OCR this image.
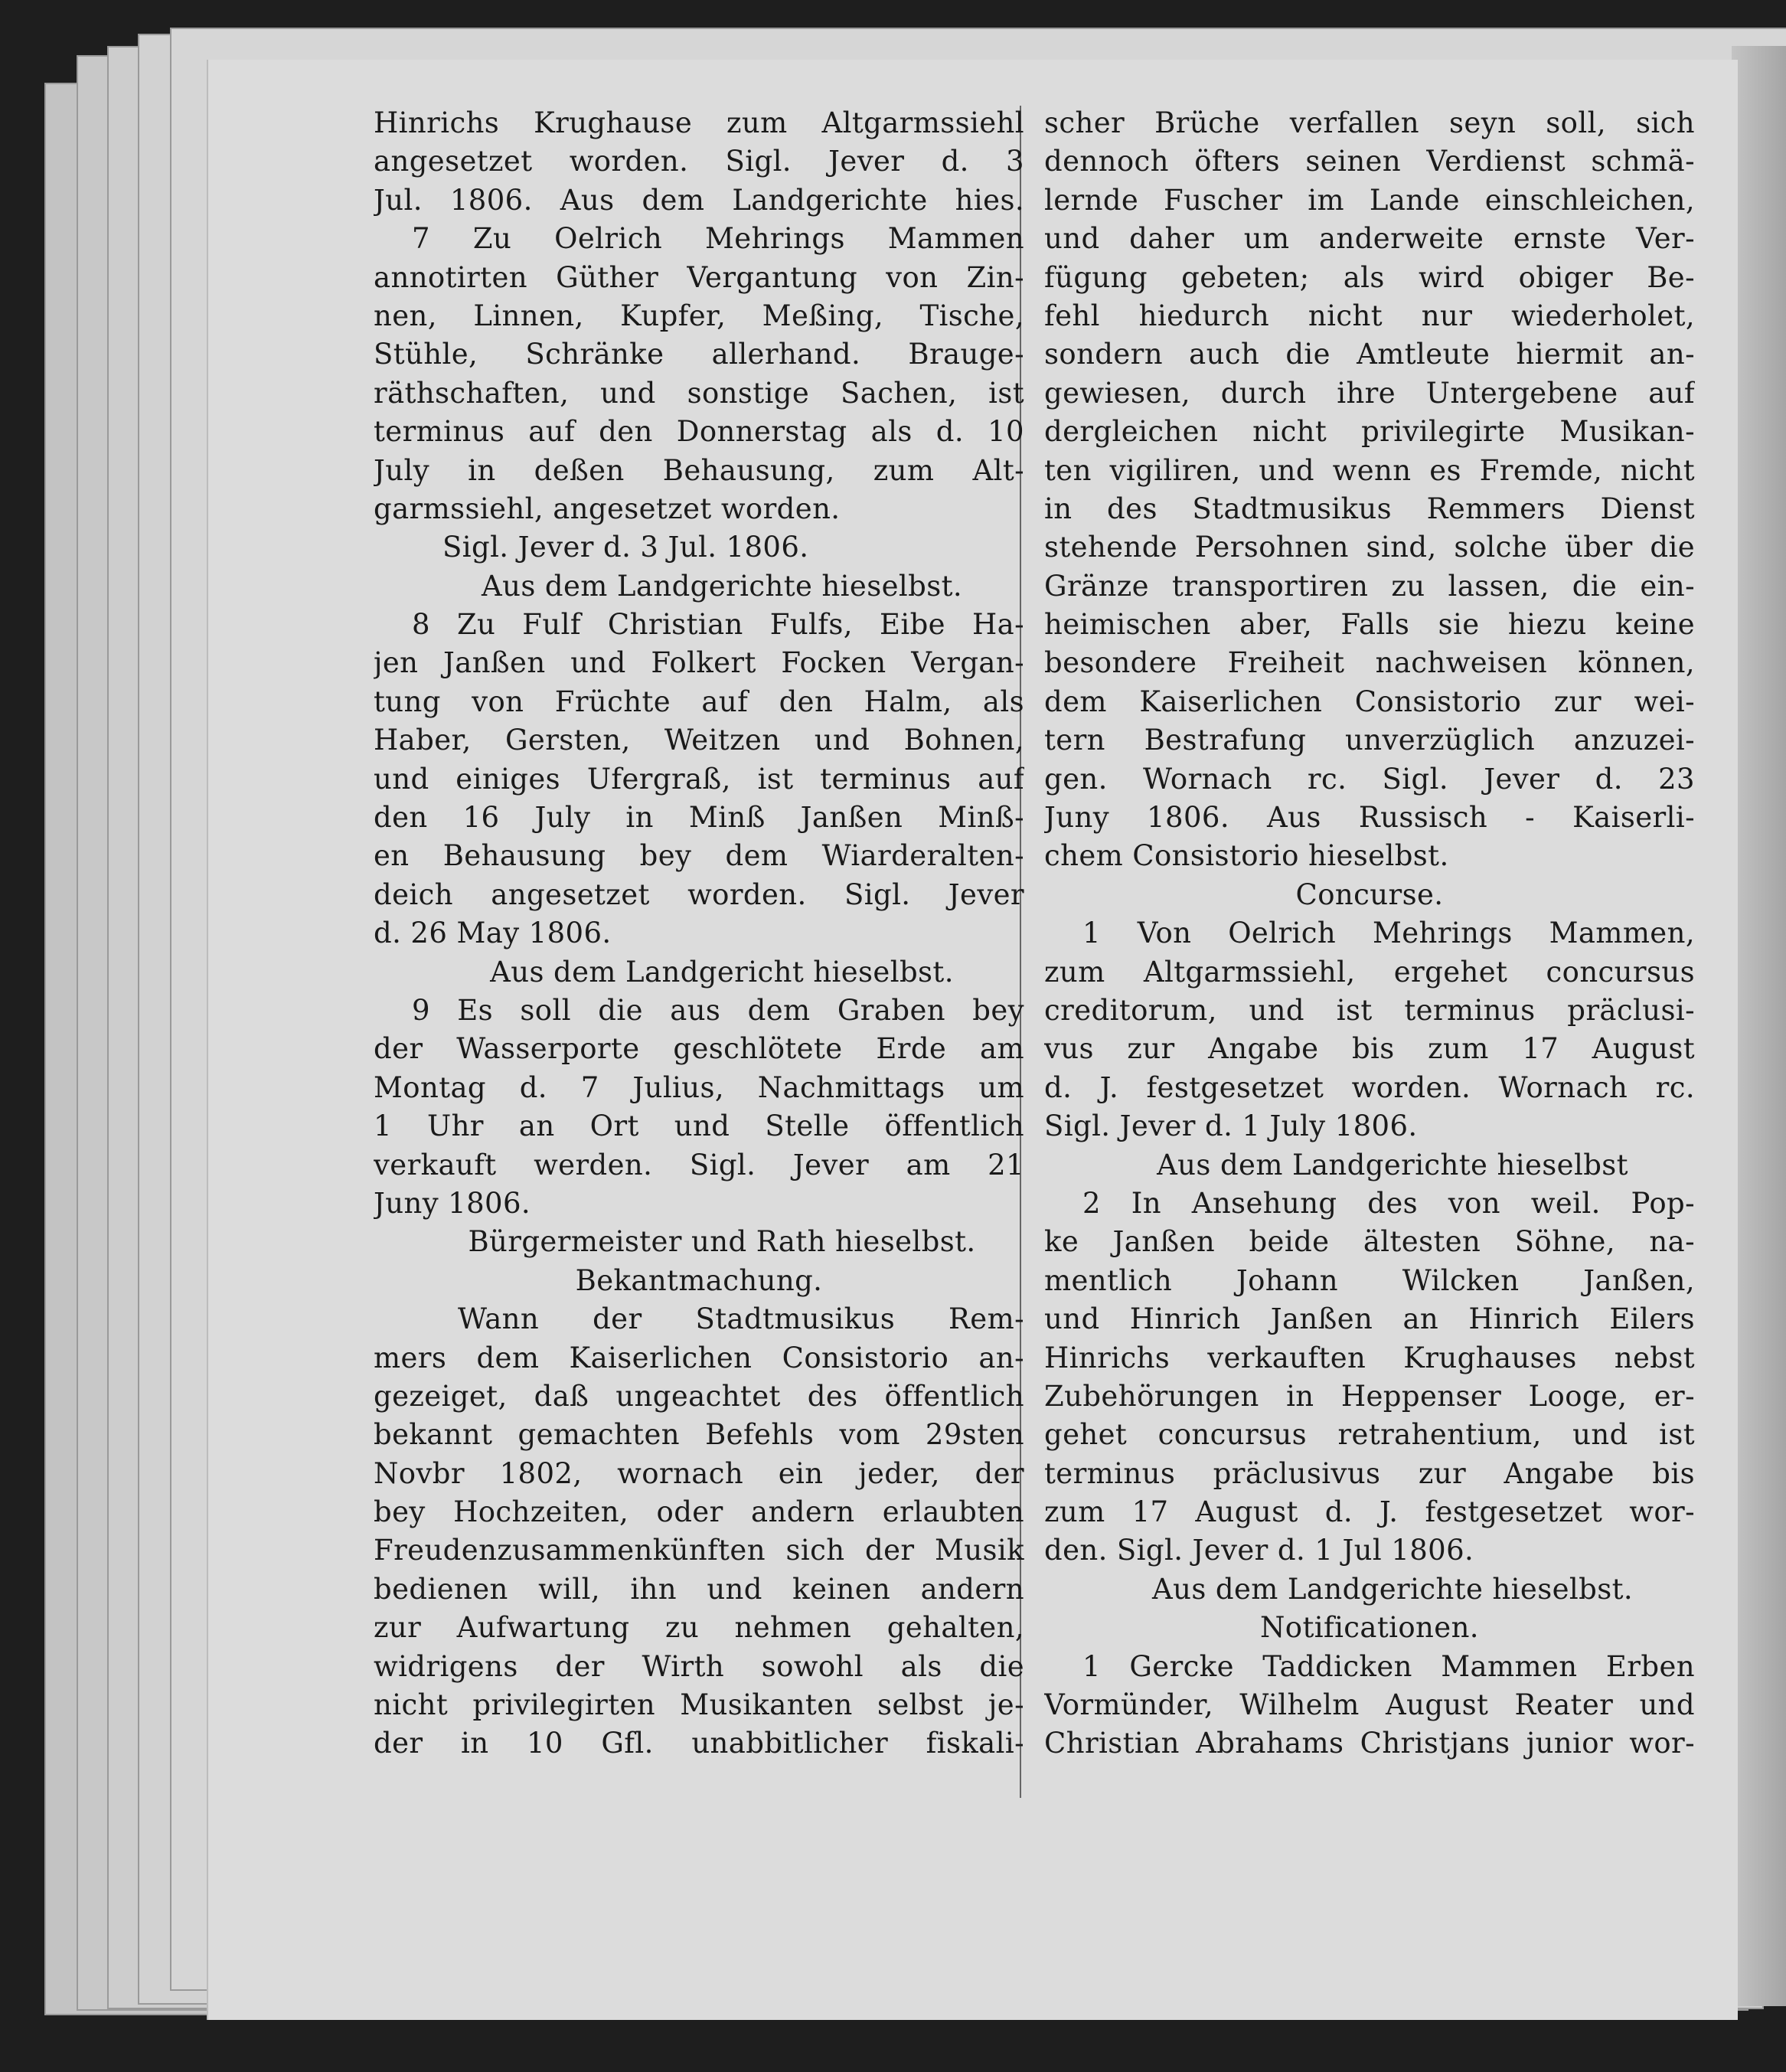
Hinrichs Krughause zum Altgarmssiehl
angesetzet worden. Sigl. Jever d. 3
Jul. 1806. Aus dem Landgerichte hies.
7 Zu Oelrich Mehrings Mammen
annotirten Güther Vergantung von Zin-
nen, Linnen, Kupfer, Meßing, Tische,
Stühle, Schränke allerhand. Brauge-
räthschaften, und sonstige Sachen, ist
terminus auf den Donnerstag als d. 10
July in deßen Behausung, zum Alt-
garmssiehl, angesetzet worden.
Sigl. Jever d. 3 Jul. 1806.
Aus dem Landgerichte hieselbst.
8 Zu Fulf Christian Fulfs, Eibe Ha-
jen Janßen und Folkert Focken Vergan-
tung von Früchte auf den Halm, als
Haber, Gersten, Weitzen und Bohnen,
und einiges Ufergraß, ist terminus auf
den 16 July in Minß Janßen Minß-
en Behausung bey dem Wiarderalten-
deich angesetzet worden. Sigl. Jever
d. 26 May 1806.
Aus dem Landgericht hieselbst.
9 Es soll die aus dem Graben bey
der Wasserporte geschlötete Erde am
Montag d. 7 Julius, Nachmittags um
1 Uhr an Ort und Stelle öffentlich
verkauft werden. Sigl. Jever am 21
Juny 1806.
Bürgermeister und Rath hieselbst.
Bekantmachung.
Wann der Stadtmusikus Rem-
mers dem Kaiserlichen Consistorio an-
gezeiget, daß ungeachtet des öffentlich
bekannt gemachten Befehls vom 29sten
Novbr 1802, wornach ein jeder, der
bey Hochzeiten, oder andern erlaubten
Freudenzusammenkünften sich der Musik
bedienen will, ihn und keinen andern
zur Aufwartung zu nehmen gehalten,
widrigens der Wirth sowohl als die
nicht privilegirten Musikanten selbst je-
der in 10 Gfl. unabbitlicher fiskali-
scher Brüche verfallen seyn soll, sich
dennoch öfters seinen Verdienst schmä-
lernde Fuscher im Lande einschleichen,
und daher um anderweite ernste Ver-
fügung gebeten; als wird obiger Be-
fehl hiedurch nicht nur wiederholet,
sondern auch die Amtleute hiermit an-
gewiesen, durch ihre Untergebene auf
dergleichen nicht privilegirte Musikan-
ten vigiliren, und wenn es Fremde, nicht
in des Stadtmusikus Remmers Dienst
stehende Persohnen sind, solche über die
Gränze transportiren zu lassen, die ein-
heimischen aber, Falls sie hiezu keine
besondere Freiheit nachweisen können,
dem Kaiserlichen Consistorio zur wei-
tern Bestrafung unverzüglich anzuzei-
gen. Wornach rc. Sigl. Jever d. 23
Juny 1806. Aus Russisch - Kaiserli-
chem Consistorio hieselbst.
Concurse.
1 Von Oelrich Mehrings Mammen,
zum Altgarmssiehl, ergehet concursus
creditorum, und ist terminus präclusi-
vus zur Angabe bis zum 17 August
d. J. festgesetzet worden. Wornach rc.
Sigl. Jever d. 1 July 1806.
Aus dem Landgerichte hieselbst
2 In Ansehung des von weil. Pop-
ke Janßen beide ältesten Söhne, na-
mentlich Johann Wilcken Janßen,
und Hinrich Janßen an Hinrich Eilers
Hinrichs verkauften Krughauses nebst
Zubehörungen in Heppenser Looge, er-
gehet concursus retrahentium, und ist
terminus präclusivus zur Angabe bis
zum 17 August d. J. festgesetzet wor-
den. Sigl. Jever d. 1 Jul 1806.
Aus dem Landgerichte hieselbst.
Notificationen.
1 Gercke Taddicken Mammen Erben
Vormünder, Wilhelm August Reater und
Christian Abrahams Christjans junior wor-
